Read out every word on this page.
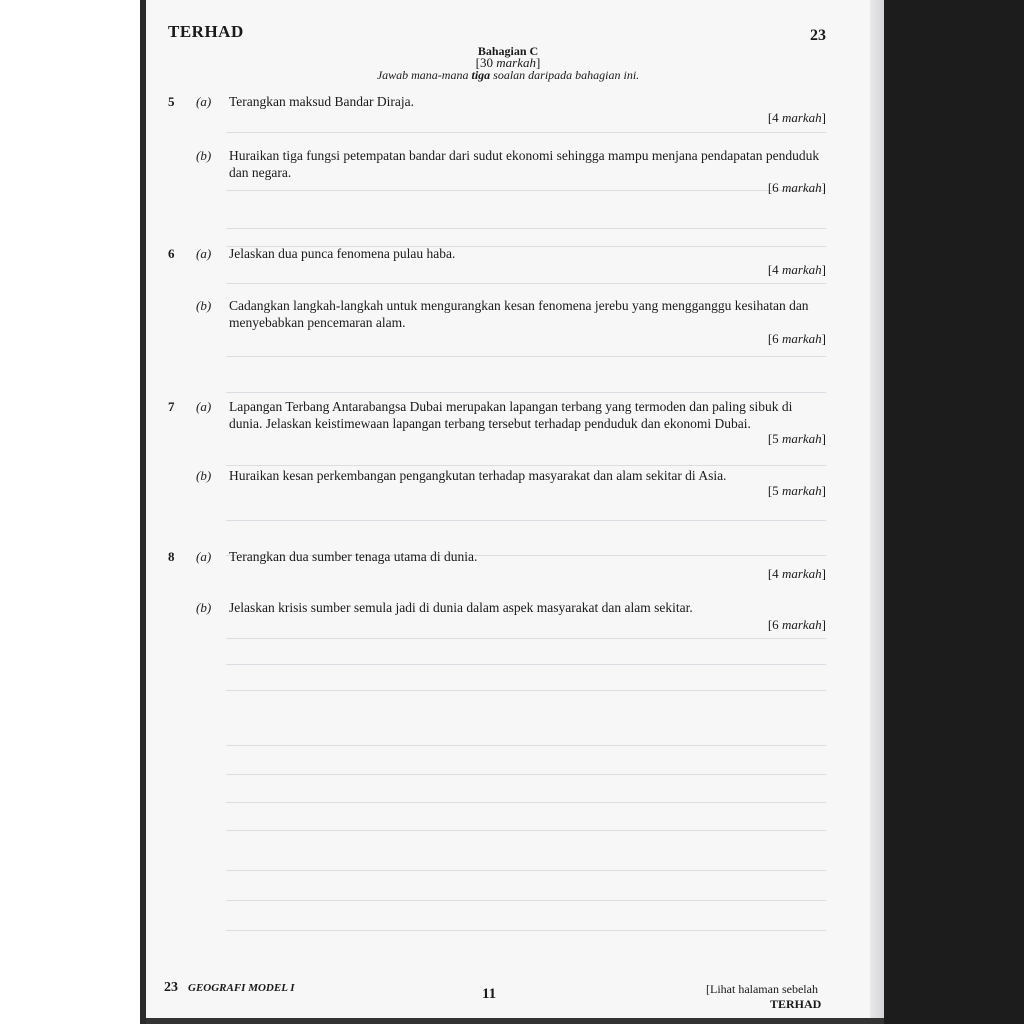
TERHAD	23
Bahagian C
[30 markah]
Jawab mana-mana tiga soalan daripada bahagian ini.
5 (a) Terangkan maksud Bandar Diraja.
[4 markah]
(b) Huraikan tiga fungsi petempatan bandar dari sudut ekonomi sehingga mampu menjana pendapatan penduduk dan negara.
[6 markah]
6 (a) Jelaskan dua punca fenomena pulau haba.
[4 markah]
(b) Cadangkan langkah-langkah untuk mengurangkan kesan fenomena jerebu yang mengganggu kesihatan dan menyebabkan pencemaran alam.
[6 markah]
7 (a) Lapangan Terbang Antarabangsa Dubai merupakan lapangan terbang yang termoden dan paling sibuk di dunia. Jelaskan keistimewaan lapangan terbang tersebut terhadap penduduk dan ekonomi Dubai.
[5 markah]
(b) Huraikan kesan perkembangan pengangkutan terhadap masyarakat dan alam sekitar di Asia.
[5 markah]
8 (a) Terangkan dua sumber tenaga utama di dunia.
[4 markah]
(b) Jelaskan krisis sumber semula jadi di dunia dalam aspek masyarakat dan alam sekitar.
[6 markah]
23 GEOGRAFI MODEL I	11	[Lihat halaman sebelah
TERHAD
